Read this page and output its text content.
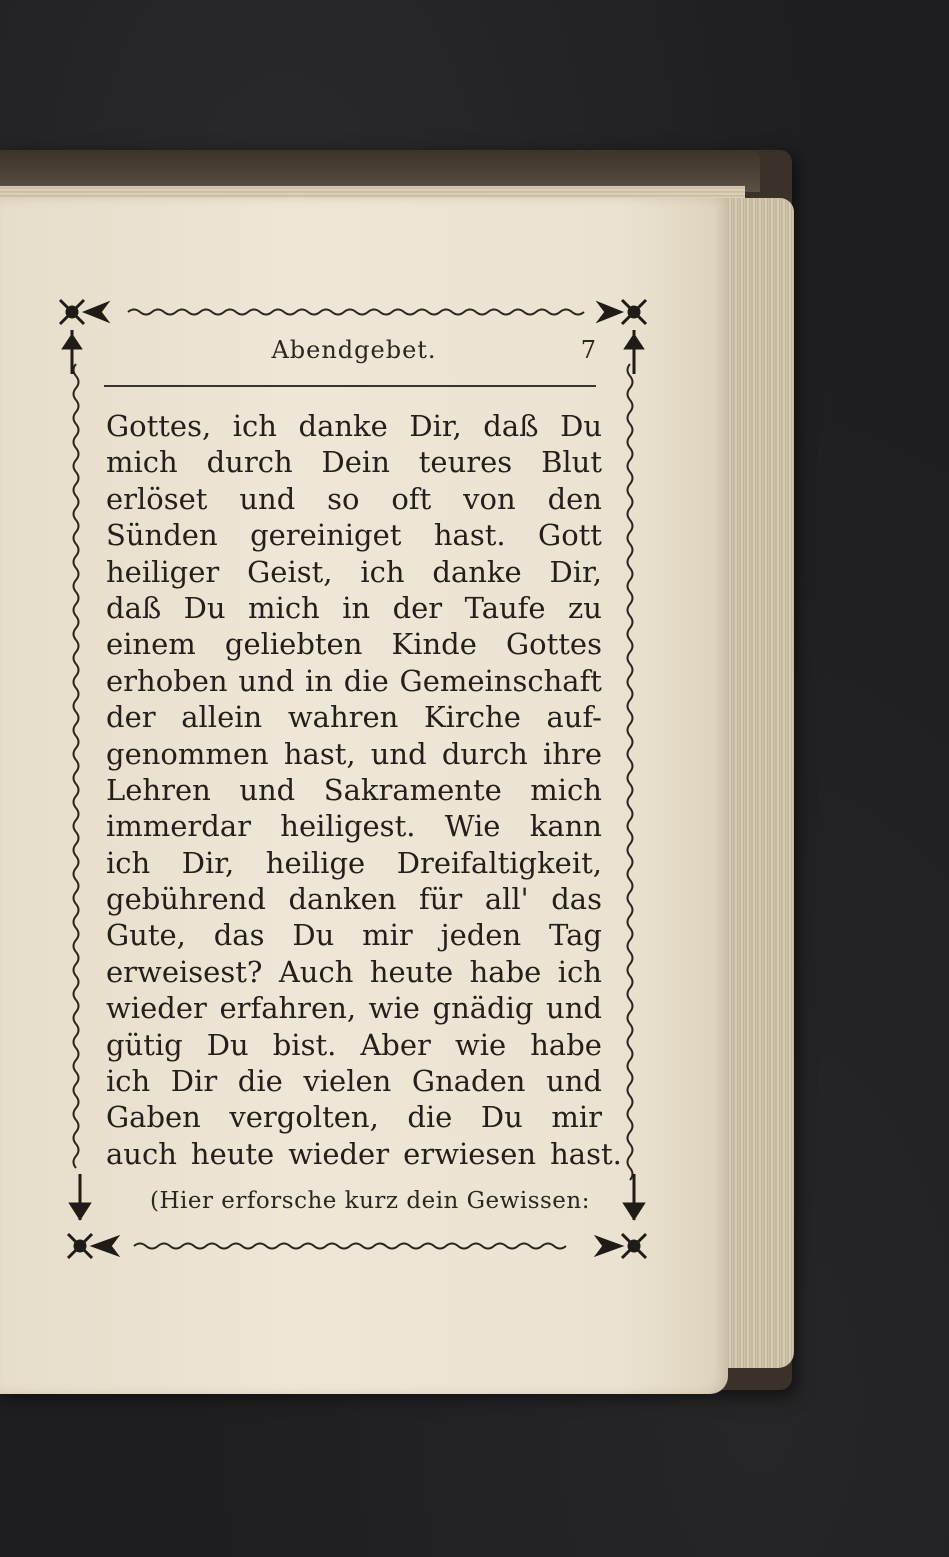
Abendgebet.	7
Gottes, ich danke Dir, daß Du
mich durch Dein teures Blut
erlöset und so oft von den
Sünden gereiniget hast. Gott
heiliger Geist, ich danke Dir,
daß Du mich in der Taufe zu
einem geliebten Kinde Gottes
erhoben und in die Gemeinschaft
der allein wahren Kirche auf-
genommen hast, und durch ihre
Lehren und Sakramente mich
immerdar heiligest. Wie kann
ich Dir, heilige Dreifaltigkeit,
gebührend danken für all' das
Gute, das Du mir jeden Tag
erweisest? Auch heute habe ich
wieder erfahren, wie gnädig und
gütig Du bist. Aber wie habe
ich Dir die vielen Gnaden und
Gaben vergolten, die Du mir
auch heute wieder erwiesen hast.
(Hier erforsche kurz dein Gewissen:
